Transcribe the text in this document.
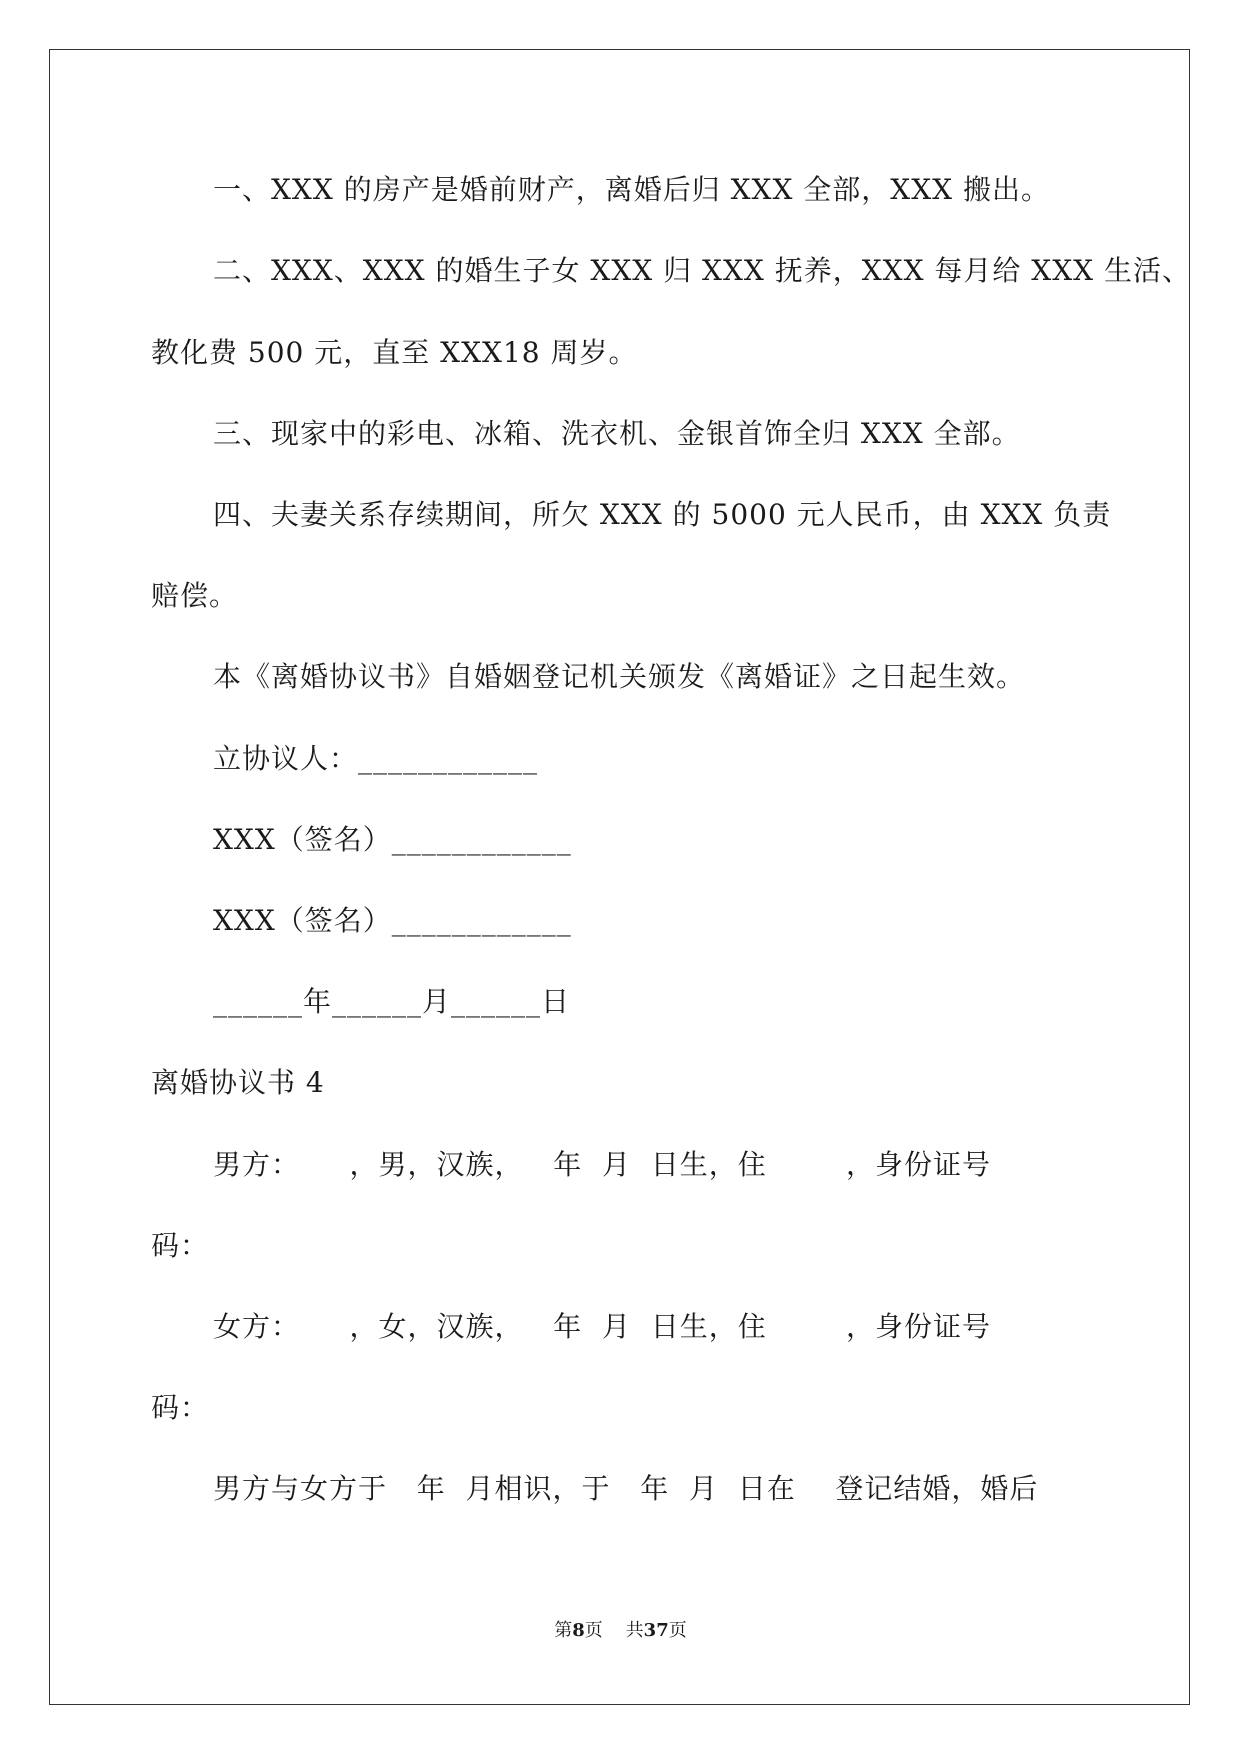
一、XXX 的房产是婚前财产，离婚后归 XXX 全部，XXX 搬出。
二、XXX、XXX 的婚生子女 XXX 归 XXX 抚养，XXX 每月给 XXX 生活、
教化费 500 元，直至 XXX18 周岁。
三、现家中的彩电、冰箱、洗衣机、金银首饰全归 XXX 全部。
四、夫妻关系存续期间，所欠 XXX 的 5000 元人民币，由 XXX 负责
赔偿。
本《离婚协议书》自婚姻登记机关颁发《离婚证》之日起生效。
立协议人：____________
XXX（签名）____________
XXX（签名）____________
______年______月______日
离婚协议书 4
男方：     ，男，汉族，   年  月  日生，住        ，身份证号
码：
女方：     ，女，汉族，   年  月  日生，住        ，身份证号
码：
男方与女方于   年  月相识，于   年  月  日在    登记结婚，婚后
第8页    共37页
